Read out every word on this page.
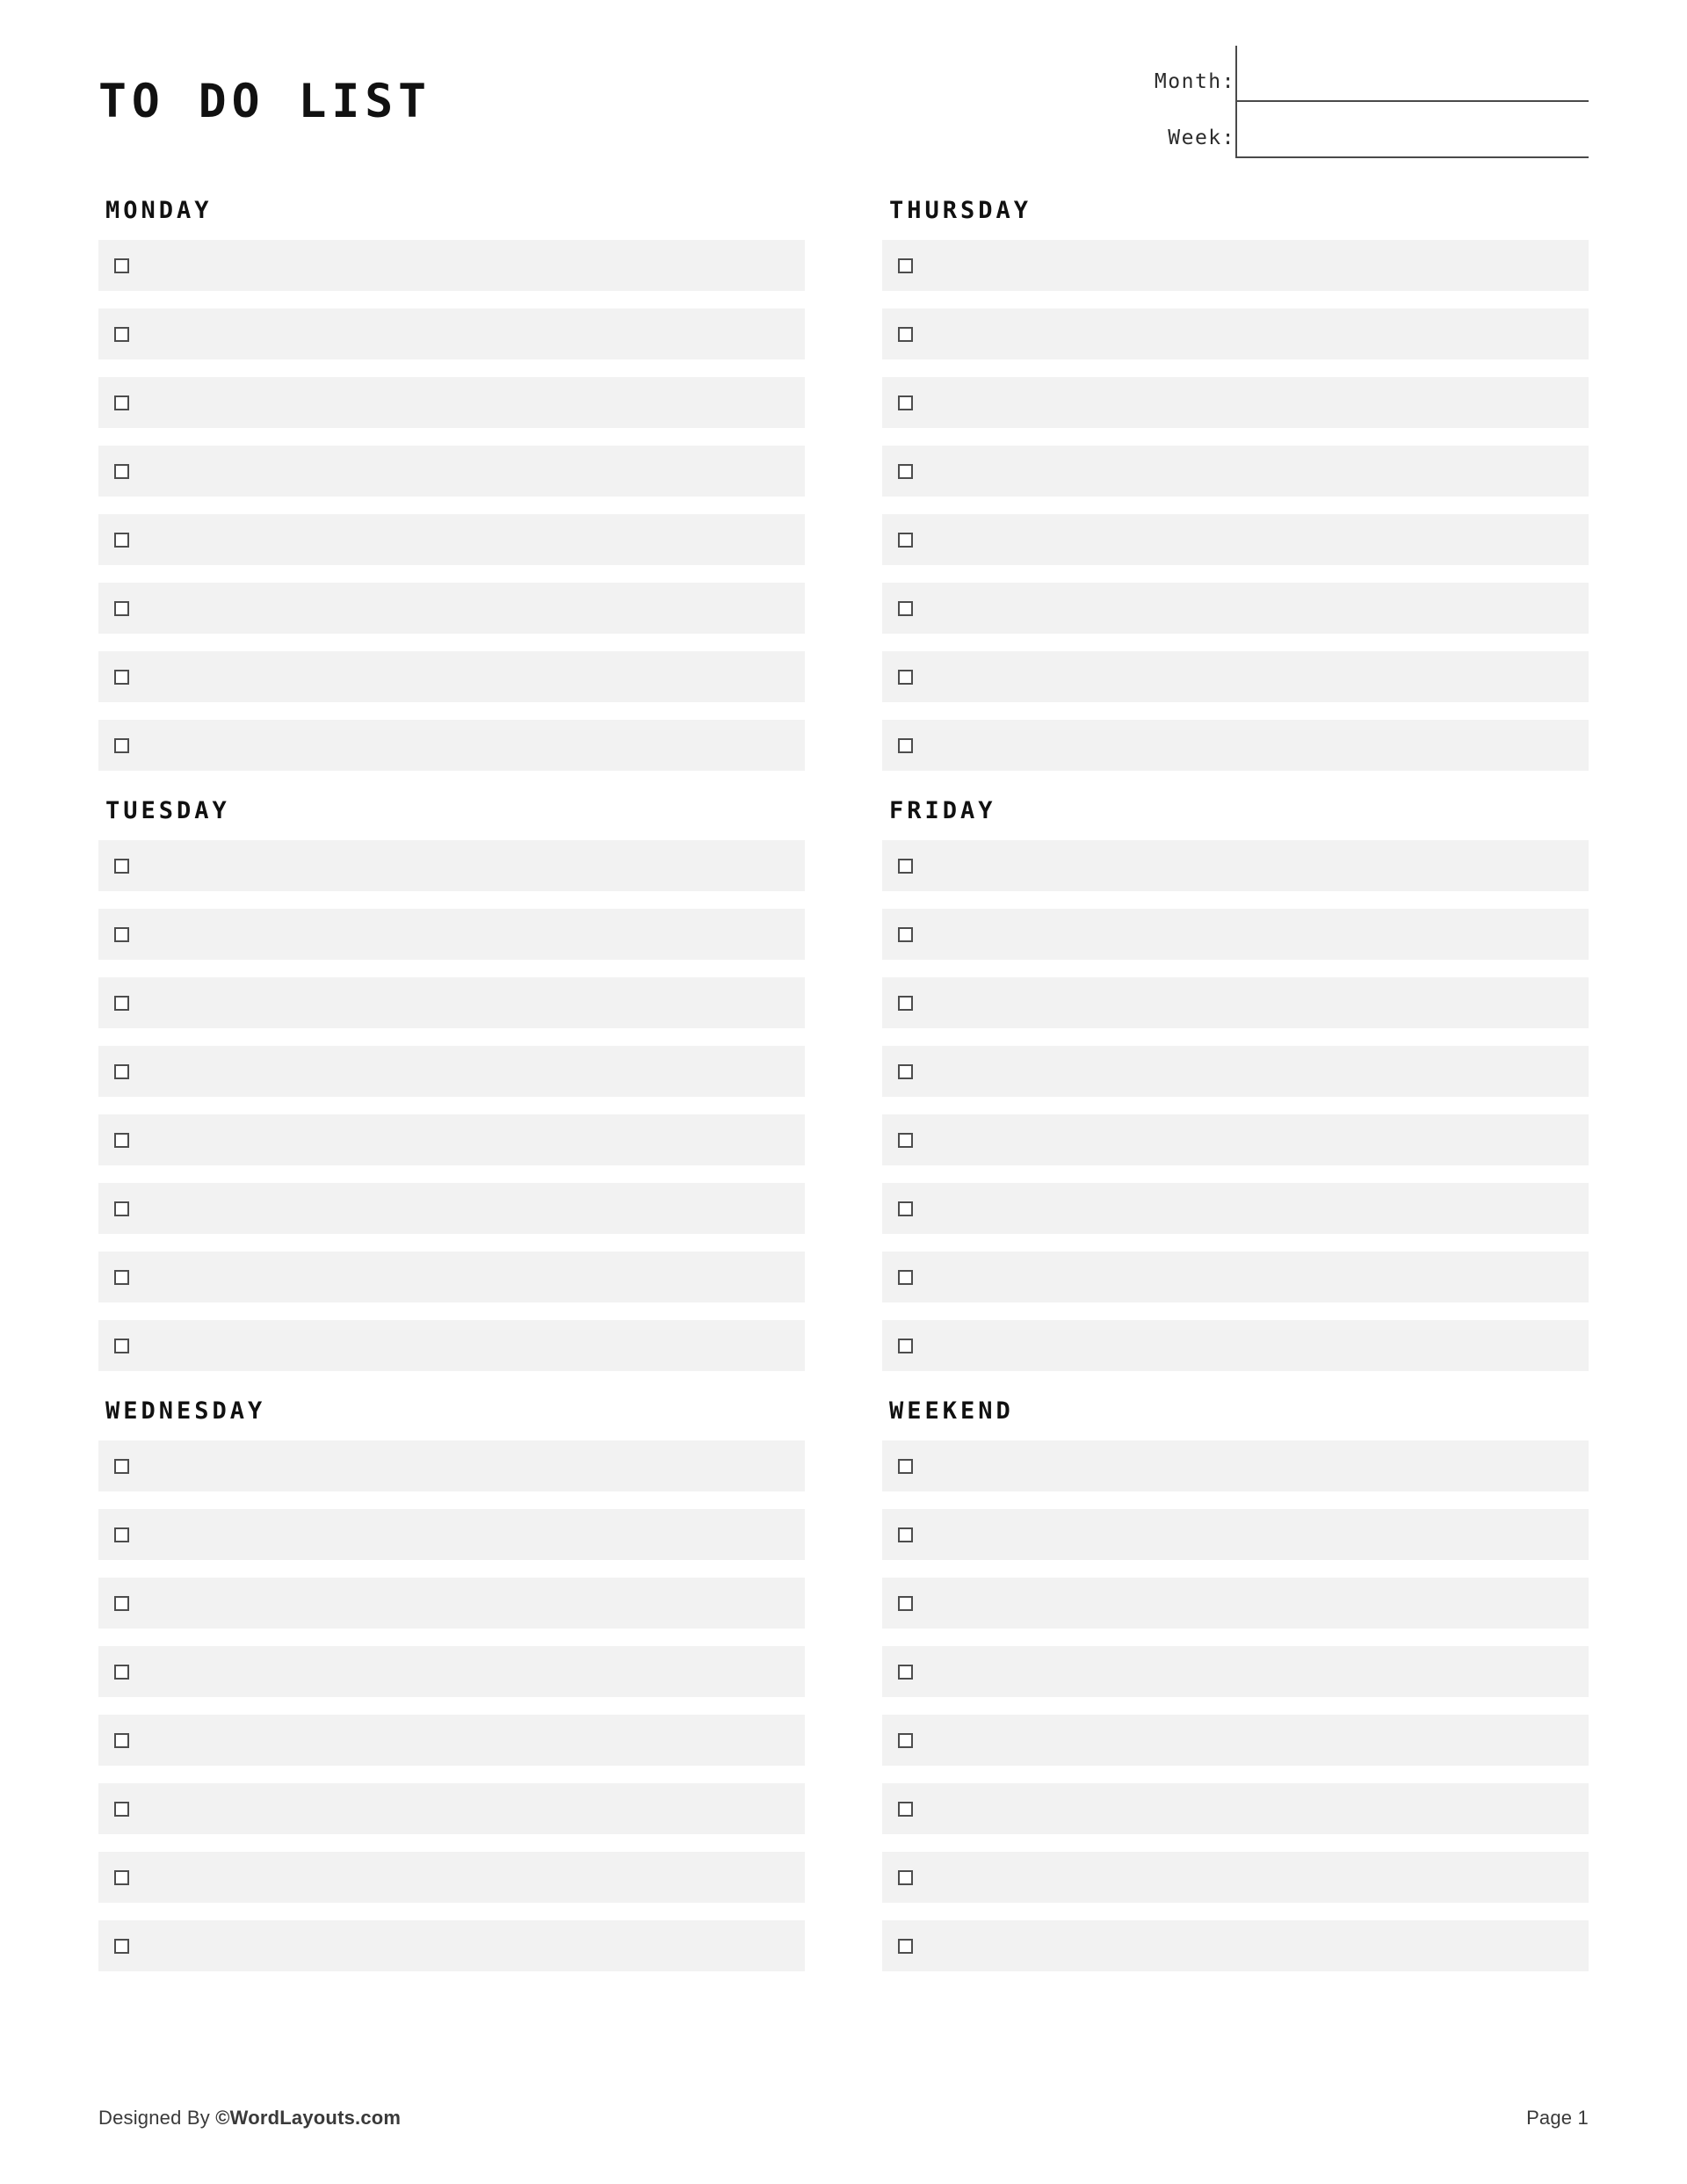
TO DO LIST	Month:
Week:
MONDAY
TUESDAY
WEDNESDAY
THURSDAY
FRIDAY
WEEKEND
Designed By ©WordLayouts.com	Page 1
